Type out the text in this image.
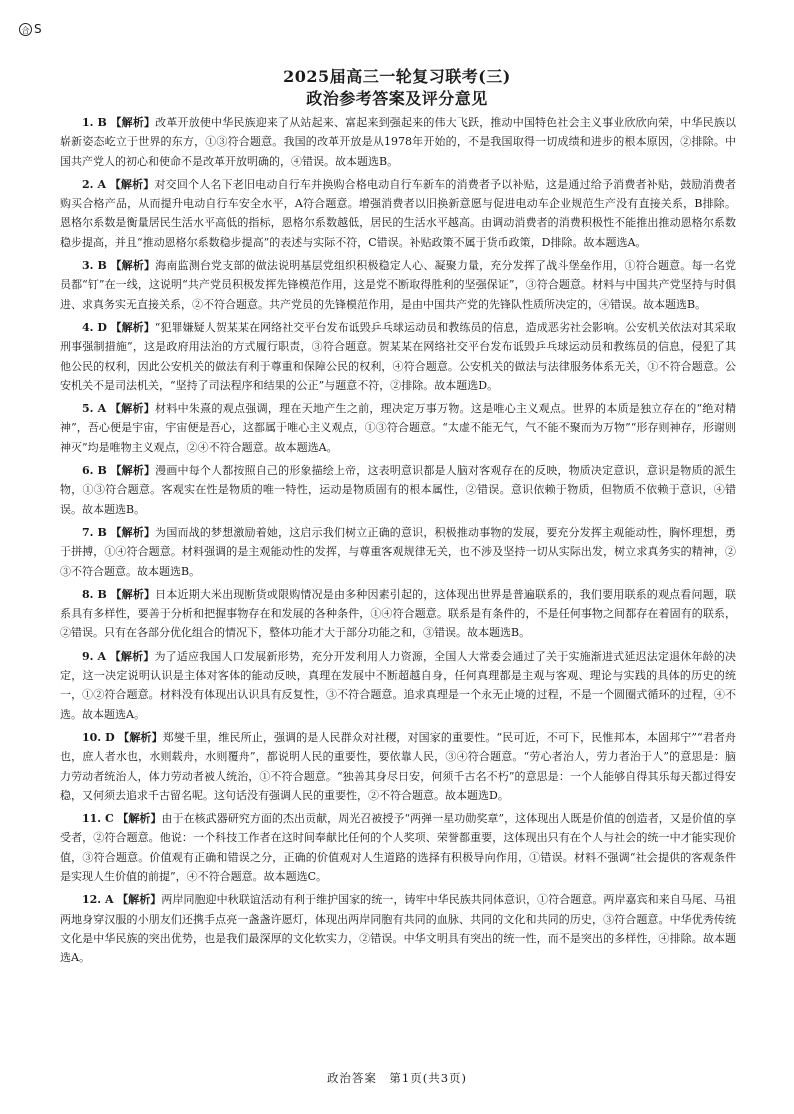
合 S
2025届高三一轮复习联考(三)
政治参考答案及评分意见

1. B 【解析】改革开放使中华民族迎来了从站起来、富起来到强起来的伟大飞跃，推动中国特色社会主义事业欣欣向荣，中华民族以崭新姿态屹立于世界的东方，①③符合题意。我国的改革开放是从1978年开始的，不是我国取得一切成绩和进步的根本原因，②排除。中国共产党人的初心和使命不是改革开放明确的，④错误。故本题选B。

2. A 【解析】对交回个人名下老旧电动自行车并换购合格电动自行车新车的消费者予以补贴，这是通过给予消费者补贴，鼓励消费者购买合格产品，从而提升电动自行车安全水平，A符合题意。增强消费者以旧换新意愿与促进电动车企业规范生产没有直接关系，B排除。恩格尔系数是衡量居民生活水平高低的指标，恩格尔系数越低，居民的生活水平越高。由调动消费者的消费积极性不能推出推动恩格尔系数稳步提高，并且“推动恩格尔系数稳步提高”的表述与实际不符，C错误。补贴政策不属于货币政策，D排除。故本题选A。

3. B 【解析】海南监测台党支部的做法说明基层党组织积极稳定人心、凝聚力量，充分发挥了战斗堡垒作用，①符合题意。每一名党员都“钉”在一线，这说明“共产党员积极发挥先锋模范作用，这是党不断取得胜利的坚强保证”，③符合题意。材料与中国共产党坚持与时俱进、求真务实无直接关系，②不符合题意。共产党员的先锋模范作用，是由中国共产党的先锋队性质所决定的，④错误。故本题选B。

4. D 【解析】“犯罪嫌疑人贺某某在网络社交平台发布诋毁乒乓球运动员和教练员的信息，造成恶劣社会影响。公安机关依法对其采取刑事强制措施”，这是政府用法治的方式履行职责，③符合题意。贺某某在网络社交平台发布诋毁乒乓球运动员和教练员的信息，侵犯了其他公民的权利，因此公安机关的做法有利于尊重和保障公民的权利，④符合题意。公安机关的做法与法律服务体系无关，①不符合题意。公安机关不是司法机关，“坚持了司法程序和结果的公正”与题意不符，②排除。故本题选D。

5. A 【解析】材料中朱熹的观点强调，理在天地产生之前，理决定万事万物。这是唯心主义观点。世界的本质是独立存在的“绝对精神”，吾心便是宇宙，宇宙便是吾心，这都属于唯心主义观点，①③符合题意。“太虚不能无气，气不能不聚而为万物”“形存则神存，形谢则神灭”均是唯物主义观点，②④不符合题意。故本题选A。

6. B 【解析】漫画中每个人都按照自己的形象描绘上帝，这表明意识都是人脑对客观存在的反映，物质决定意识，意识是物质的派生物，①③符合题意。客观实在性是物质的唯一特性，运动是物质固有的根本属性，②错误。意识依赖于物质，但物质不依赖于意识，④错误。故本题选B。

7. B 【解析】为国而战的梦想激励着她，这启示我们树立正确的意识，积极推动事物的发展，要充分发挥主观能动性，胸怀理想，勇于拼搏，①④符合题意。材料强调的是主观能动性的发挥，与尊重客观规律无关，也不涉及坚持一切从实际出发，树立求真务实的精神，②③不符合题意。故本题选B。

8. B 【解析】日本近期大米出现断货或限购情况是由多种因素引起的，这体现出世界是普遍联系的，我们要用联系的观点看问题，联系具有多样性，要善于分析和把握事物存在和发展的各种条件，①④符合题意。联系是有条件的，不是任何事物之间都存在着固有的联系，②错误。只有在各部分优化组合的情况下，整体功能才大于部分功能之和，③错误。故本题选B。

9. A 【解析】为了适应我国人口发展新形势，充分开发利用人力资源，全国人大常委会通过了关于实施渐进式延迟法定退休年龄的决定，这一决定说明认识是主体对客体的能动反映，真理在发展中不断超越自身，任何真理都是主观与客观、理论与实践的具体的历史的统一，①②符合题意。材料没有体现出认识具有反复性，③不符合题意。追求真理是一个永无止境的过程，不是一个圆圈式循环的过程，④不选。故本题选A。

10. D 【解析】郑燮千里，维民所止，强调的是人民群众对社稷，对国家的重要性。“民可近，不可下，民惟邦本，本固邦宁”“君者舟也，庶人者水也，水则载舟，水则覆舟”，都说明人民的重要性，要依靠人民，③④符合题意。“劳心者治人，劳力者治于人”的意思是：脑力劳动者统治人，体力劳动者被人统治，①不符合题意。“独善其身尽日安，何须千古名不朽”的意思是：一个人能够自得其乐每天都过得安稳，又何须去追求千古留名呢。这句话没有强调人民的重要性，②不符合题意。故本题选D。

11. C 【解析】由于在核武器研究方面的杰出贡献，周光召被授予“两弹一星功勋奖章”，这体现出人既是价值的创造者，又是价值的享受者，②符合题意。他说：一个科技工作者在这时间奉献比任何的个人奖项、荣誉都重要，这体现出只有在个人与社会的统一中才能实现价值，③符合题意。价值观有正确和错误之分，正确的价值观对人生道路的选择有积极导向作用，①错误。材料不强调“社会提供的客观条件是实现人生价值的前提”，④不符合题意。故本题选C。

12. A 【解析】两岸同胞迎中秋联谊活动有利于维护国家的统一，铸牢中华民族共同体意识，①符合题意。两岸嘉宾和来自马尾、马祖两地身穿汉服的小朋友们还携手点亮一盏盏许愿灯，体现出两岸同胞有共同的血脉、共同的文化和共同的历史，③符合题意。中华优秀传统文化是中华民族的突出优势，也是我们最深厚的文化软实力，②错误。中华文明具有突出的统一性，而不是突出的多样性，④排除。故本题选A。

政治答案　第1页(共3页)
